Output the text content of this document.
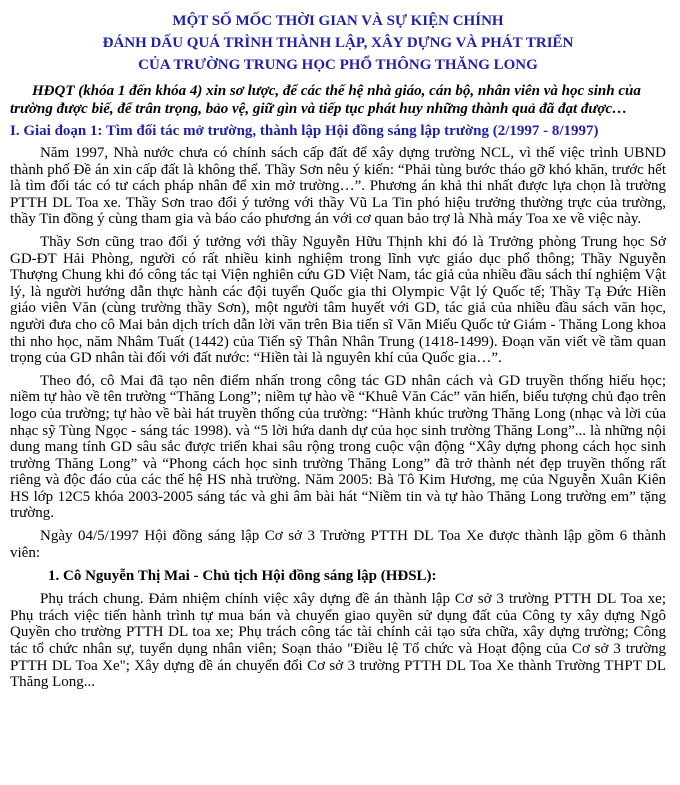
MỘT SỐ MỐC THỜI GIAN VÀ SỰ KIỆN CHÍNH

ĐÁNH DẤU QUÁ TRÌNH THÀNH LẬP, XÂY DỰNG VÀ PHÁT TRIỂN

CỦA TRƯỜNG TRUNG HỌC PHỔ THÔNG THĂNG LONG

HĐQT (khóa 1 đến khóa 4) xin sơ lược, để các thế hệ nhà giáo, cán bộ, nhân viên và học sinh của trường được biế, để trân trọng, bảo vệ, giữ gìn và tiếp tục phát huy những thành quả đã đạt được…

I. Giai đoạn 1: Tìm đối tác mở trường, thành lập Hội đồng sáng lập trường (2/1997 - 8/1997)

Năm 1997, Nhà nước chưa có chính sách cấp đất để xây dựng trường NCL, vì thế việc trình UBND thành phố Đề án xin cấp đất là không thể. Thầy Sơn nêu ý kiến: “Phải tùng bước tháo gỡ khó khăn, trước hết là tìm đối tác có tư cách pháp nhân để xin mở trường…”. Phương án khả thi nhất được lựa chọn là trường PTTH DL Toa xe. Thầy Sơn trao đổi ý tưởng với thầy Vũ La Tin phó hiệu trưởng thường trực của trường, thầy Tin đồng ý cùng tham gia và báo cáo phương án với cơ quan bảo trợ là Nhà máy Toa xe về việc này.

Thầy Sơn cũng trao đổi ý tưởng với thầy Nguyễn Hữu Thịnh khi đó là Trưởng phòng Trung học Sở GD-ĐT Hải Phòng, người có rất nhiều kinh nghiệm trong lĩnh vực giáo dục phổ thông; Thầy Nguyễn Thượng Chung khi đó công tác tại Viện nghiên cứu GD Việt Nam, tác giả của nhiều đầu sách thí nghiệm Vật lý, là người hướng dẫn thực hành các đội tuyển Quốc gia thi Olympic Vật lý Quốc tế; Thầy Tạ Đức Hiền giáo viên Văn (cùng trường thầy Sơn), một người tâm huyết với GD, tác giả của nhiều đầu sách văn học, người đưa cho cô Mai bản dịch trích dẫn lời văn trên Bia tiến sĩ Văn Miếu Quốc tử Giám - Thăng Long khoa thi nho học, năm Nhâm Tuất (1442) của Tiến sỹ Thân Nhân Trung (1418-1499). Đoạn văn viết về tầm quan trọng của GD nhân tài đối với đất nước: “Hiền tài là nguyên khí của Quốc gia…”.

Theo đó, cô Mai đã tạo nên điểm nhấn trong công tác GD nhân cách và GD truyền thống hiếu học; niềm tự hào về tên trường “Thăng Long”; niềm tự hào về “Khuê Văn Các” văn hiến, biểu tượng chủ đạo trên logo của trường; tự hào về bài hát truyền thống của trường: “Hành khúc trường Thăng Long (nhạc và lời của nhạc sỹ Tùng Ngọc - sáng tác 1998). và “5 lời hứa danh dự của học sinh trường Thăng Long”... là những nội dung mang tính GD sâu sắc được triển khai sâu rộng trong cuộc vận động “Xây dựng phong cách học sinh trường Thăng Long” và “Phong cách học sinh trường Thăng Long” đã trở thành nét đẹp truyền thống rất riêng và độc đáo của các thế hệ HS nhà trường. Năm 2005: Bà Tô Kim Hương, mẹ của Nguyễn Xuân Kiên HS lớp 12C5 khóa 2003-2005 sáng tác và ghi âm bài hát “Niềm tin và tự hào Thăng Long trường em” tặng trường.

Ngày 04/5/1997 Hội đồng sáng lập Cơ sở 3 Trường PTTH DL Toa Xe được thành lập gồm 6 thành viên:

1. Cô Nguyễn Thị Mai - Chủ tịch Hội đồng sáng lập (HĐSL):

Phụ trách chung. Đảm nhiệm chính việc xây dựng đề án thành lập Cơ sở 3 trường PTTH DL Toa xe; Phụ trách việc tiến hành trình tự mua bán và chuyển giao quyền sử dụng đất của Công ty xây dựng Ngô Quyền cho trường PTTH DL toa xe; Phụ trách công tác tài chính cải tạo sửa chữa, xây dựng trường; Công tác tổ chức nhân sự, tuyển dụng nhân viên; Soạn thảo "Điều lệ Tổ chức và Hoạt động của Cơ sở 3 trường PTTH DL Toa Xe"; Xây dựng đề án chuyển đổi Cơ sở 3 trường PTTH DL Toa Xe thành Trường THPT DL Thăng Long...
